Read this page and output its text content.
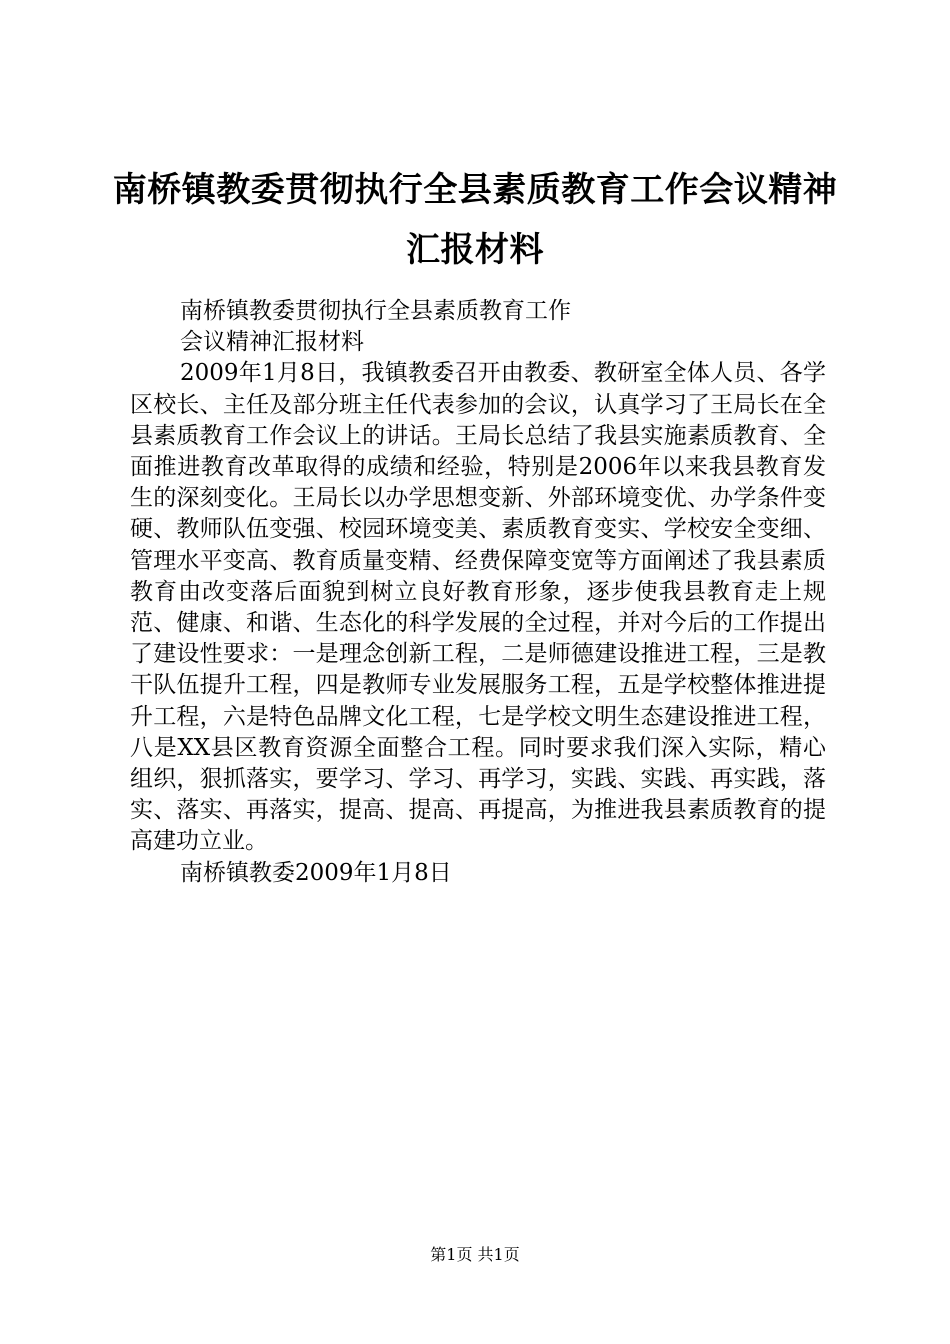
南桥镇教委贯彻执行全县素质教育工作会议精神汇报材料

南桥镇教委贯彻执行全县素质教育工作

会议精神汇报材料

2009年1月8日，我镇教委召开由教委、教研室全体人员、各学区校长、主任及部分班主任代表参加的会议，认真学习了王局长在全县素质教育工作会议上的讲话。王局长总结了我县实施素质教育、全面推进教育改革取得的成绩和经验，特别是2006年以来我县教育发生的深刻变化。王局长以办学思想变新、外部环境变优、办学条件变硬、教师队伍变强、校园环境变美、素质教育变实、学校安全变细、管理水平变高、教育质量变精、经费保障变宽等方面阐述了我县素质教育由改变落后面貌到树立良好教育形象，逐步使我县教育走上规范、健康、和谐、生态化的科学发展的全过程，并对今后的工作提出了建设性要求：一是理念创新工程，二是师德建设推进工程，三是教干队伍提升工程，四是教师专业发展服务工程，五是学校整体推进提升工程，六是特色品牌文化工程，七是学校文明生态建设推进工程，八是XX县区教育资源全面整合工程。同时要求我们深入实际，精心组织，狠抓落实，要学习、学习、再学习，实践、实践、再实践，落实、落实、再落实，提高、提高、再提高，为推进我县素质教育的提高建功立业。

南桥镇教委2009年1月8日

第1页 共1页
